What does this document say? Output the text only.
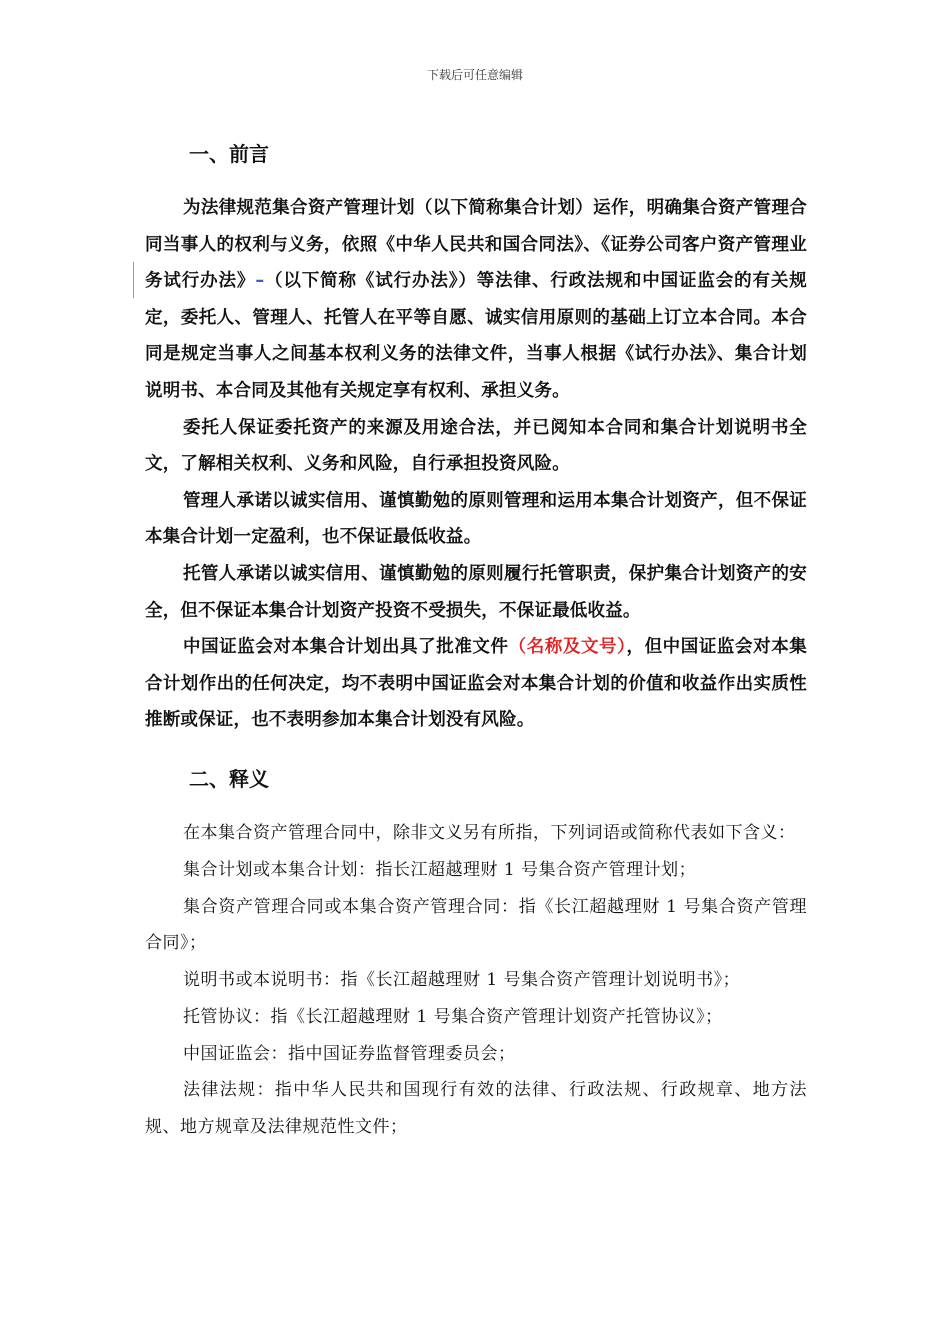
下载后可任意编辑
一、前言

为法律规范集合资产管理计划（以下简称集合计划）运作，明确集合资产管理合同当事人的权利与义务，依照《中华人民共和国合同法》、《证券公司客户资产管理业务试行办法》–（以下简称《试行办法》）等法律、行政法规和中国证监会的有关规定，委托人、管理人、托管人在平等自愿、诚实信用原则的基础上订立本合同。本合同是规定当事人之间基本权利义务的法律文件，当事人根据《试行办法》、集合计划说明书、本合同及其他有关规定享有权利、承担义务。

委托人保证委托资产的来源及用途合法，并已阅知本合同和集合计划说明书全文，了解相关权利、义务和风险，自行承担投资风险。

管理人承诺以诚实信用、谨慎勤勉的原则管理和运用本集合计划资产，但不保证本集合计划一定盈利，也不保证最低收益。

托管人承诺以诚实信用、谨慎勤勉的原则履行托管职责，保护集合计划资产的安全，但不保证本集合计划资产投资不受损失，不保证最低收益。

中国证监会对本集合计划出具了批准文件（名称及文号），但中国证监会对本集合计划作出的任何决定，均不表明中国证监会对本集合计划的价值和收益作出实质性推断或保证，也不表明参加本集合计划没有风险。

二、释义

在本集合资产管理合同中，除非文义另有所指，下列词语或简称代表如下含义：

集合计划或本集合计划：指长江超越理财 1 号集合资产管理计划；

集合资产管理合同或本集合资产管理合同：指《长江超越理财 1 号集合资产管理合同》；

说明书或本说明书：指《长江超越理财 1 号集合资产管理计划说明书》；

托管协议：指《长江超越理财 1 号集合资产管理计划资产托管协议》；

中国证监会：指中国证券监督管理委员会；

法律法规：指中华人民共和国现行有效的法律、行政法规、行政规章、地方法规、地方规章及法律规范性文件；
